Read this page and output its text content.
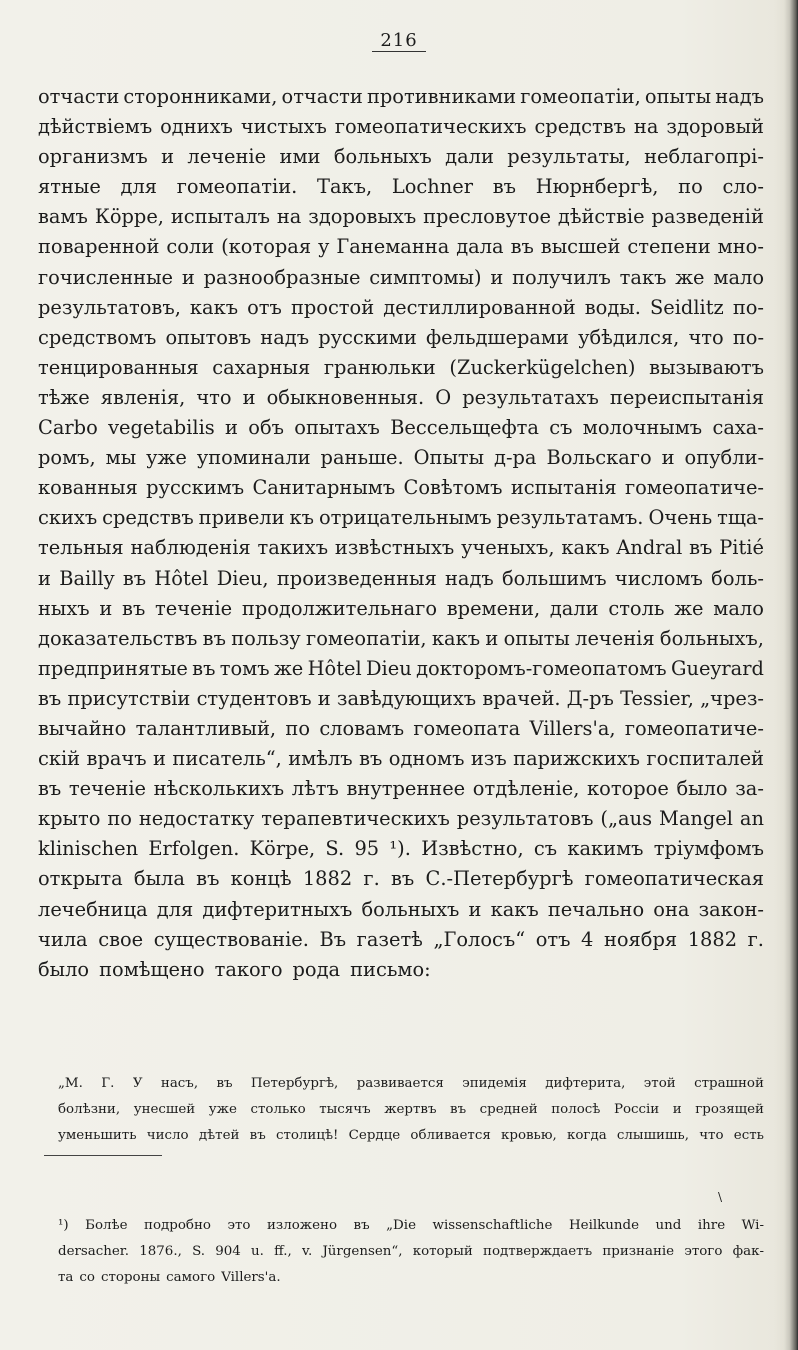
216
отчасти сторонниками, отчасти противниками гомеопатіи, опыты надъ
дѣйствіемъ однихъ чистыхъ гомеопатическихъ средствъ на здоровый
организмъ и леченіе ими больныхъ дали результаты, неблагопрі-
ятные для гомеопатіи. Такъ, Lochner въ Нюрнбергѣ, по сло-
вамъ Кӧрре, испыталъ на здоровыхъ пресловутое дѣйствіе разведеній
поваренной соли (которая у Ганеманна дала въ высшей степени мно-
гочисленные и разнообразные симптомы) и получилъ такъ же мало
результатовъ, какъ отъ простой дестиллированной воды. Seidlitz по-
средствомъ опытовъ надъ русскими фельдшерами убѣдился, что по-
тенцированныя сахарныя гранюльки (Zuckerkügelchen) вызываютъ
тѣже явленія, что и обыкновенныя. О результатахъ переиспытанія
Carbo vegetabilis и объ опытахъ Вессельщефта съ молочнымъ саха-
ромъ, мы уже упоминали раньше. Опыты д-ра Вольскаго и опубли-
кованныя русскимъ Санитарнымъ Совѣтомъ испытанія гомеопатиче-
скихъ средствъ привели къ отрицательнымъ результатамъ. Очень тща-
тельныя наблюденія такихъ извѣстныхъ ученыхъ, какъ Andral въ Pitié
и Bailly въ Hôtel Dieu, произведенныя надъ большимъ числомъ боль-
ныхъ и въ теченіе продолжительнаго времени, дали столь же мало
доказательствъ въ пользу гомеопатіи, какъ и опыты леченія больныхъ,
предпринятые въ томъ же Hôtel Dieu докторомъ-гомеопатомъ Gueyrard
въ присутствіи студентовъ и завѣдующихъ врачей. Д-ръ Tessier, „чрез-
вычайно талантливый, по словамъ гомеопата Villers'а, гомеопатиче-
скій врачъ и писатель“, имѣлъ въ одномъ изъ парижскихъ госпиталей
въ теченіе нѣсколькихъ лѣтъ внутреннее отдѣленіе, которое было за-
крыто по недостатку терапевтическихъ результатовъ („aus Mangel an
klinischen Erfolgen. Kӧrре, S. 95 ¹). Извѣстно, съ какимъ тріумфомъ
открыта была въ концѣ 1882 г. въ С.-Петербургѣ гомеопатическая
лечебница для дифтеритныхъ больныхъ и какъ печально она закон-
чила свое существованіе. Въ газетѣ „Голосъ“ отъ 4 ноября 1882 г.
было помѣщено такого рода письмо:
„М. Г. У насъ, въ Петербургѣ, развивается эпидемія дифтерита, этой страшной
болѣзни, унесшей уже столько тысячъ жертвъ въ средней полосѣ Россіи и грозящей
уменьшить число дѣтей въ столицѣ! Сердце обливается кровью, когда слышишь, что есть
\
¹) Болѣе подробно это изложено въ „Die wissenschaftliche Heilkunde und ihre Wi-
dersacher. 1876., S. 904 u. ff., v. Jürgensen“, который подтверждаетъ признаніе этого фак-
та со стороны самого Villers'а.
